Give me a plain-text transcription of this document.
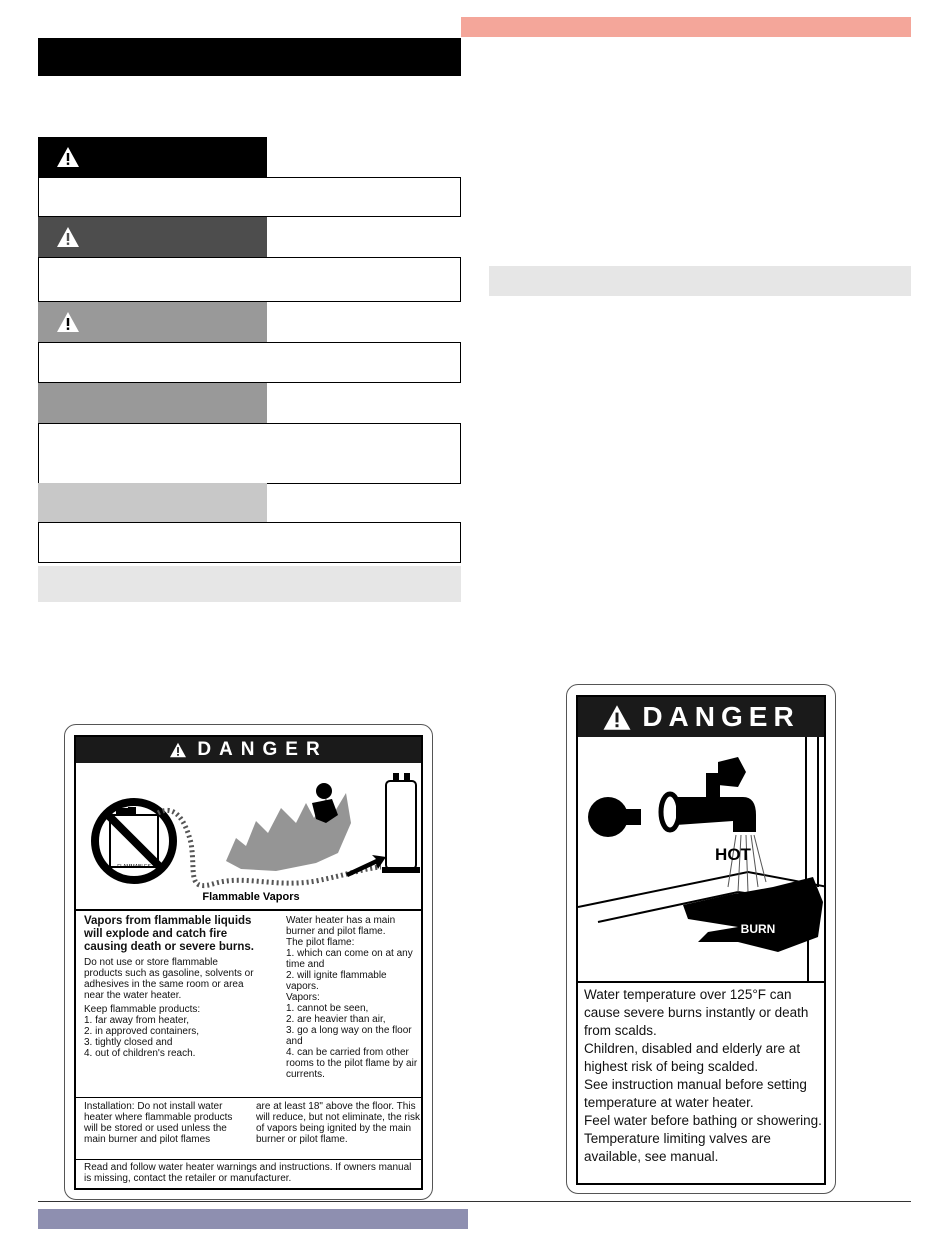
DANGER
FLAMMABLES
Flammable Vapors
Vapors from flammable liquids will explode and catch fire causing death or severe burns.
Do not use or store flammable products such as gasoline, solvents or adhesives in the same room or area near the water heater.
Keep flammable products:
1. far away from heater,
2. in approved containers,
3. tightly closed and
4. out of children's reach.
Water heater has a main burner and pilot flame.
The pilot flame:
1. which can come on at any time and
2. will ignite flammable vapors.
Vapors:
1. cannot be seen,
2. are heavier than air,
3. go a long way on the floor and
4. can be carried from other rooms to the pilot flame by air currents.
Installation: Do not install water heater where flammable products will be stored or used unless the main burner and pilot flames
are at least 18" above the floor. This will reduce, but not eliminate, the risk of vapors being ignited by the main burner or pilot flame.
Read and follow water heater warnings and instructions. If owners manual is missing, contact the retailer or manufacturer.
DANGER
HOT
BURN
Water temperature over 125°F can cause severe burns instantly or death from scalds.
Children, disabled and elderly are at highest risk of being scalded.
See instruction manual before setting temperature at water heater.
Feel water before bathing or showering.
Temperature limiting valves are available, see manual.
